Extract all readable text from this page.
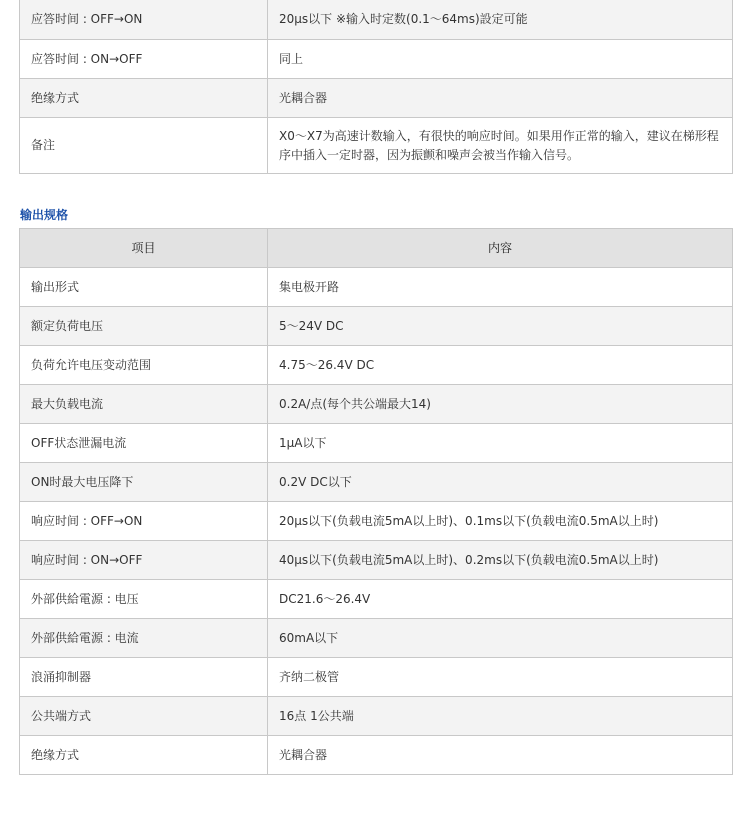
应答时间 : OFF→ON	20μs以下 ※输入时定数(0.1～64ms)設定可能
应答时间 : ON→OFF	同上
绝缘方式	光耦合器
备注	X0～X7为高速计数输入，有很快的响应时间。如果用作正常的输入，建议在梯形程序中插入一定时器，因为振颤和噪声会被当作输入信号。
输出规格
项目	内容
输出形式	集电极开路
额定负荷电压	5～24V DC
负荷允许电压变动范围	4.75～26.4V DC
最大负载电流	0.2A/点(每个共公端最大14)
OFF状态泄漏电流	1μA以下
ON时最大电压降下	0.2V DC以下
响应时间 : OFF→ON	20μs以下(负载电流5mA以上时)、0.1ms以下(负载电流0.5mA以上时)
响应时间 : ON→OFF	40μs以下(负载电流5mA以上时)、0.2ms以下(负载电流0.5mA以上时)
外部供給電源 : 电压	DC21.6～26.4V
外部供給電源 : 电流	60mA以下
浪涌抑制器	齐纳二极管
公共端方式	16点 1公共端
绝缘方式	光耦合器
